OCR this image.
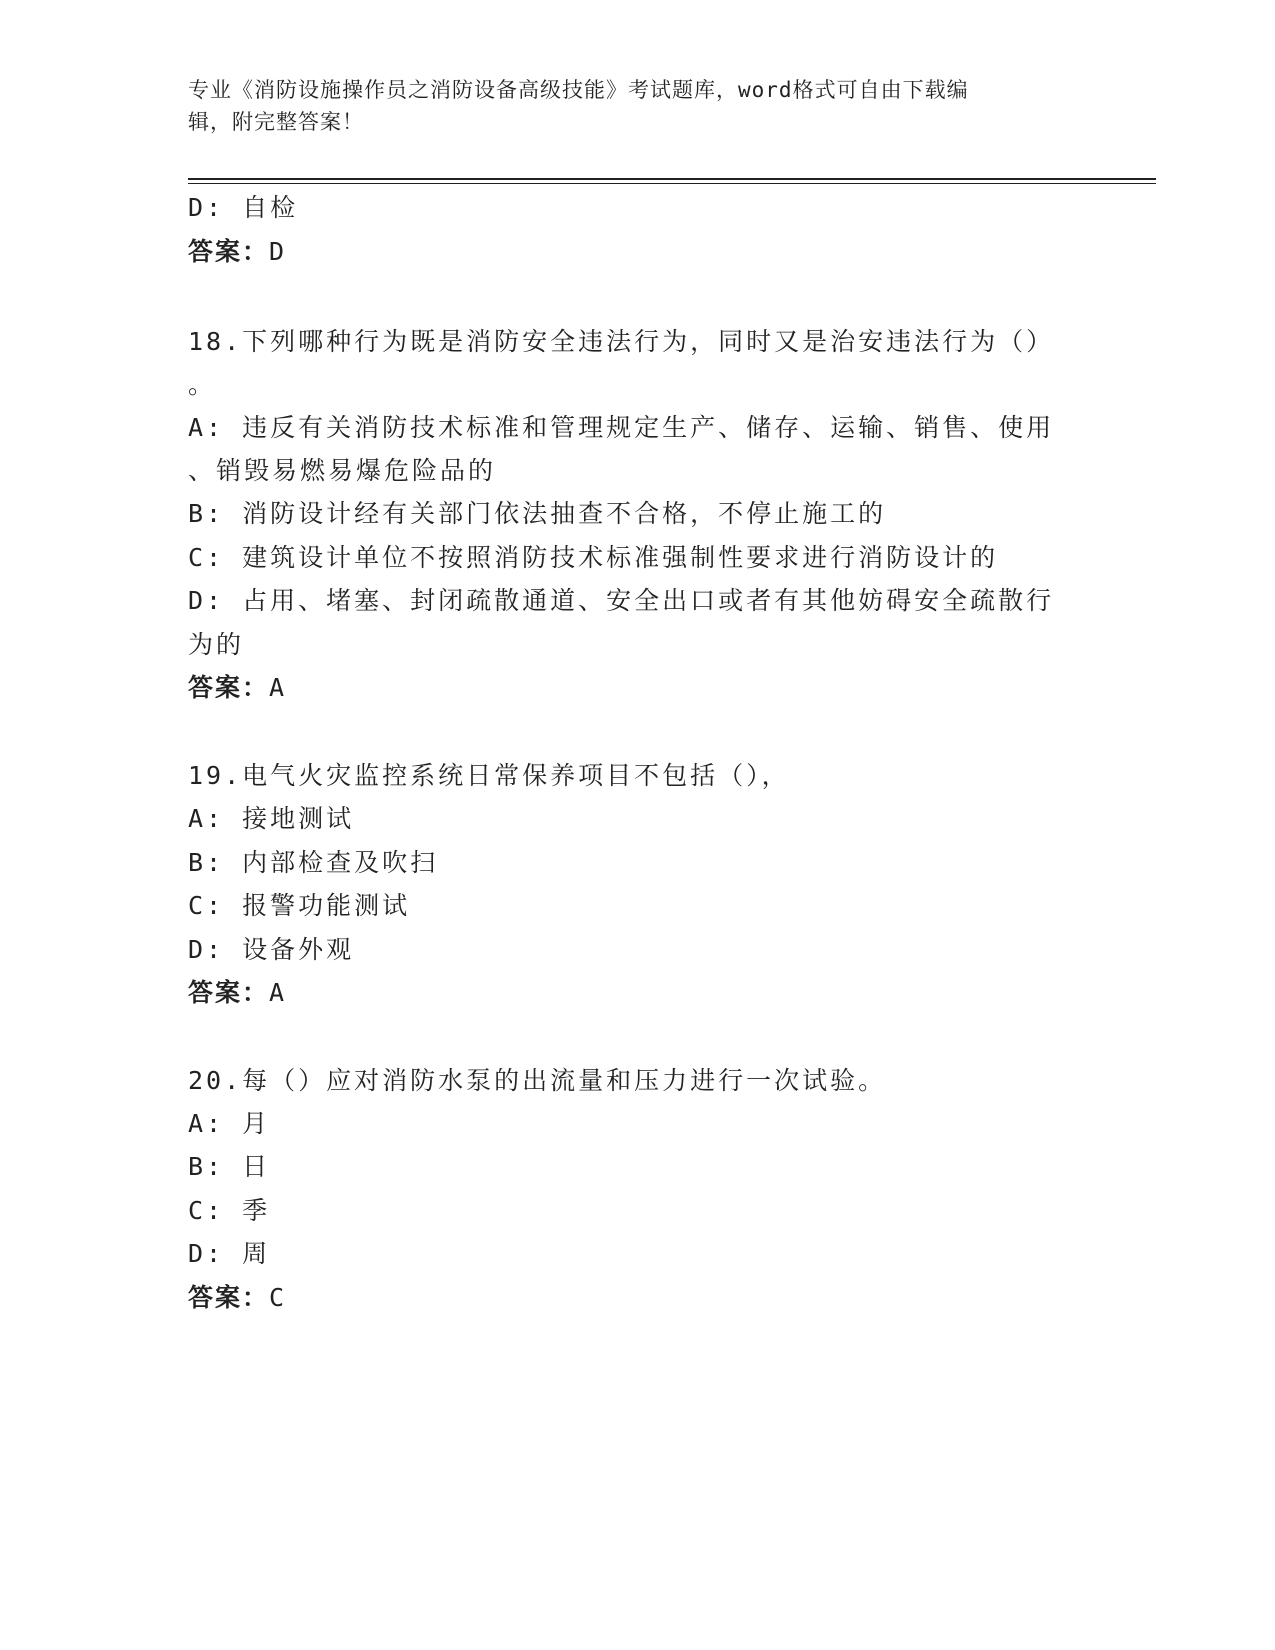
专业《消防设施操作员之消防设备高级技能》考试题库，word格式可自由下载编
辑，附完整答案！
D: 自检
答案：D
18.下列哪种行为既是消防安全违法行为，同时又是治安违法行为（）
。
A: 违反有关消防技术标准和管理规定生产、储存、运输、销售、使用
、销毁易燃易爆危险品的
B: 消防设计经有关部门依法抽查不合格，不停止施工的
C: 建筑设计单位不按照消防技术标准强制性要求进行消防设计的
D: 占用、堵塞、封闭疏散通道、安全出口或者有其他妨碍安全疏散行
为的
答案：A
19.电气火灾监控系统日常保养项目不包括（），
A: 接地测试
B: 内部检查及吹扫
C: 报警功能测试
D: 设备外观
答案：A
20.每（）应对消防水泵的出流量和压力进行一次试验。
A: 月
B: 日
C: 季
D: 周
答案：C
